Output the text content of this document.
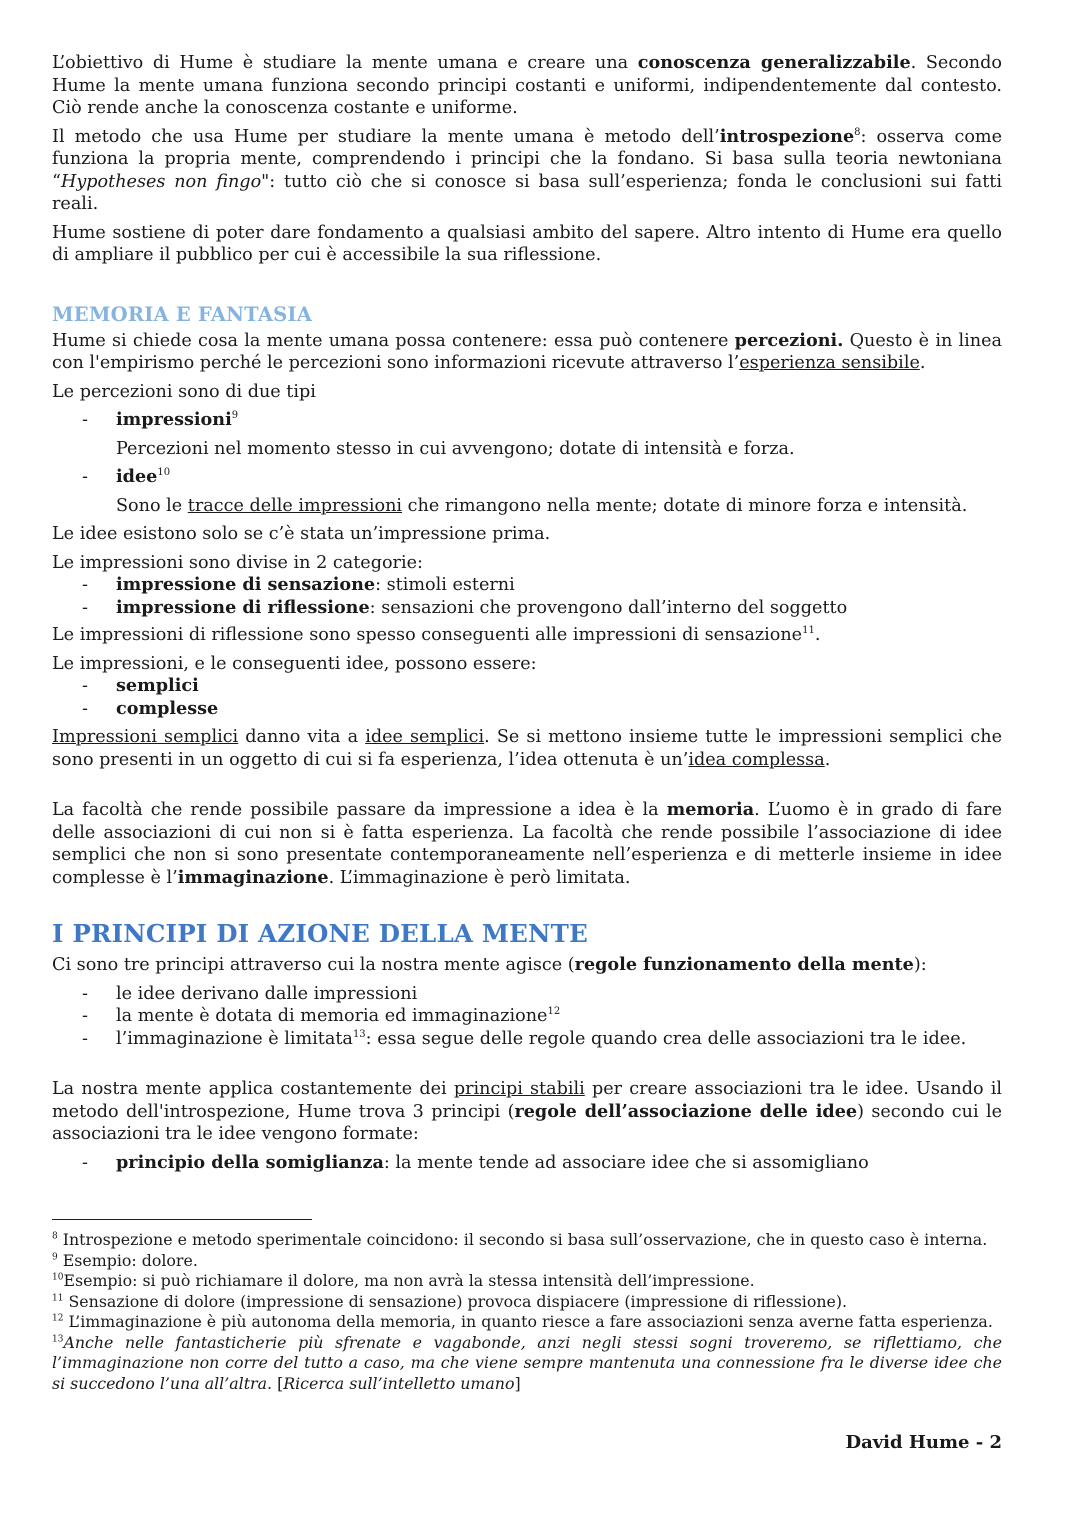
L’obiettivo di Hume è studiare la mente umana e creare una conoscenza generalizzabile. Secondo Hume la mente umana funziona secondo principi costanti e uniformi, indipendentemente dal contesto. Ciò rende anche la conoscenza costante e uniforme.

Il metodo che usa Hume per studiare la mente umana è metodo dell’introspezione$^8$: osserva come funziona la propria mente, comprendendo i principi che la fondano. Si basa sulla teoria newtoniana “Hypotheses non fingo": tutto ciò che si conosce si basa sull’esperienza; fonda le conclusioni sui fatti reali.

Hume sostiene di poter dare fondamento a qualsiasi ambito del sapere. Altro intento di Hume era quello di ampliare il pubblico per cui è accessibile la sua riflessione.

MEMORIA E FANTASIA

Hume si chiede cosa la mente umana possa contenere: essa può contenere percezioni. Questo è in linea con l'empirismo perché le percezioni sono informazioni ricevute attraverso l’esperienza sensibile.

Le percezioni sono di due tipi

- impressioni$^9$
Percezioni nel momento stesso in cui avvengono; dotate di intensità e forza.
- idee$^{10}$
Sono le tracce delle impressioni che rimangono nella mente; dotate di minore forza e intensità.

Le idee esistono solo se c’è stata un’impressione prima.

Le impressioni sono divise in 2 categorie:

- impressione di sensazione: stimoli esterni
- impressione di riflessione: sensazioni che provengono dall’interno del soggetto

Le impressioni di riflessione sono spesso conseguenti alle impressioni di sensazione$^{11}$.

Le impressioni, e le conseguenti idee, possono essere:

- semplici
- complesse

Impressioni semplici danno vita a idee semplici. Se si mettono insieme tutte le impressioni semplici che sono presenti in un oggetto di cui si fa esperienza, l’idea ottenuta è un’idea complessa.

La facoltà che rende possibile passare da impressione a idea è la memoria. L’uomo è in grado di fare delle associazioni di cui non si è fatta esperienza. La facoltà che rende possibile l’associazione di idee semplici che non si sono presentate contemporaneamente nell’esperienza e di metterle insieme in idee complesse è l’immaginazione. L’immaginazione è però limitata.

I PRINCIPI DI AZIONE DELLA MENTE

Ci sono tre principi attraverso cui la nostra mente agisce (regole funzionamento della mente):

- le idee derivano dalle impressioni
- la mente è dotata di memoria ed immaginazione$^{12}$
- l’immaginazione è limitata$^{13}$: essa segue delle regole quando crea delle associazioni tra le idee.

La nostra mente applica costantemente dei principi stabili per creare associazioni tra le idee. Usando il metodo dell'introspezione, Hume trova 3 principi (regole dell’associazione delle idee) secondo cui le associazioni tra le idee vengono formate:

- principio della somiglianza: la mente tende ad associare idee che si assomigliano

$^8$ Introspezione e metodo sperimentale coincidono: il secondo si basa sull’osservazione, che in questo caso è interna.

$^9$ Esempio: dolore.

$^{10}$Esempio: si può richiamare il dolore, ma non avrà la stessa intensità dell’impressione.

$^{11}$ Sensazione di dolore (impressione di sensazione) provoca dispiacere (impressione di riflessione).

$^{12}$ L’immaginazione è più autonoma della memoria, in quanto riesce a fare associazioni senza averne fatta esperienza.

$^{13}$Anche nelle fantasticherie più sfrenate e vagabonde, anzi negli stessi sogni troveremo, se riflettiamo, che l’immaginazione non corre del tutto a caso, ma che viene sempre mantenuta una connessione fra le diverse idee che si succedono l’una all’altra. [Ricerca sull’intelletto umano]

David Hume - 2
